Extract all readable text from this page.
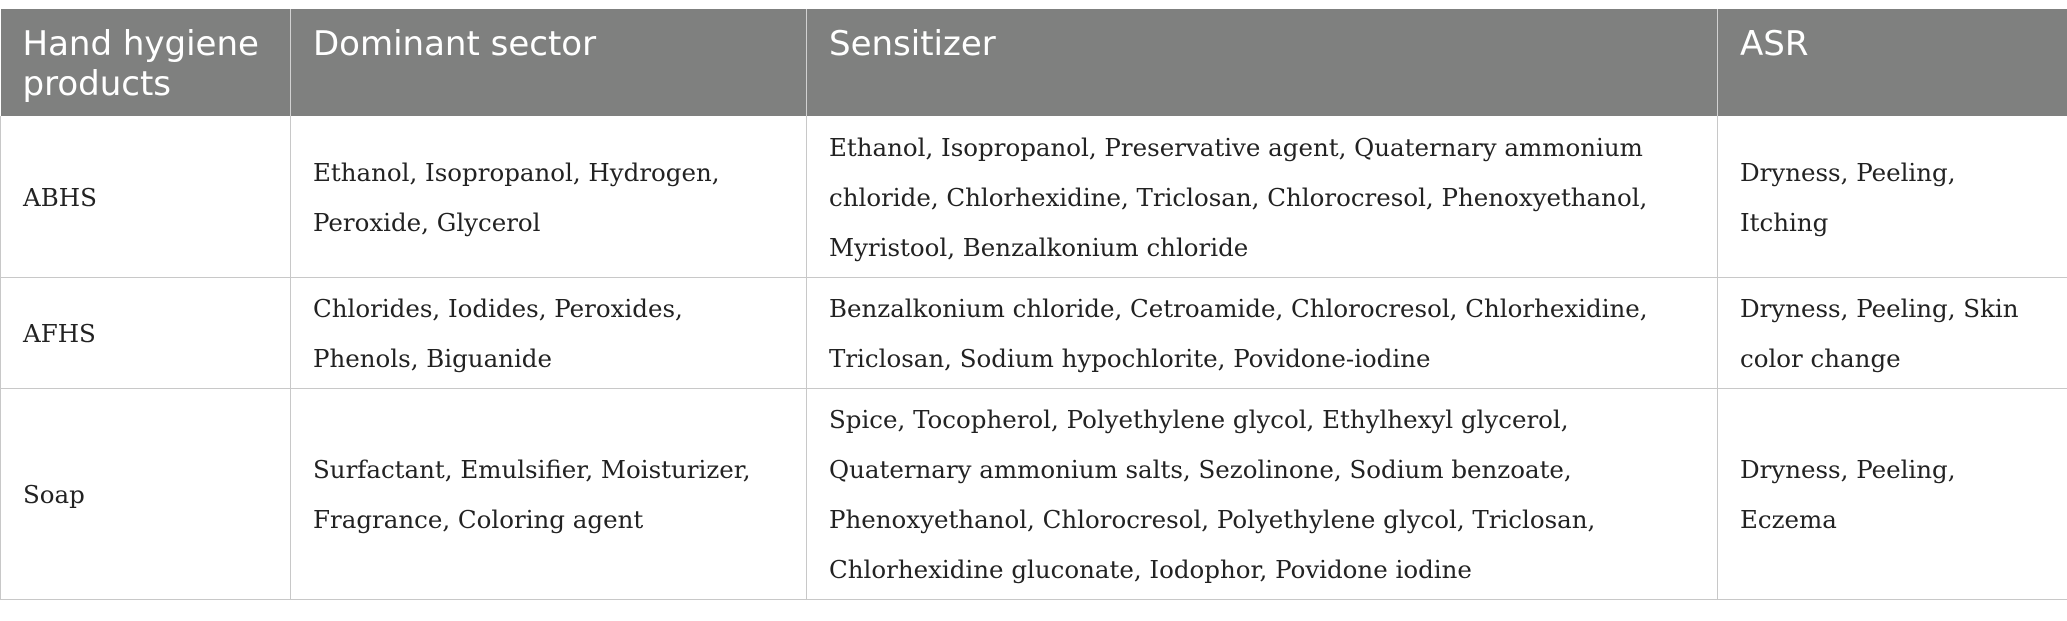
Hand hygiene products	Dominant sector	Sensitizer	ASR
ABHS	Ethanol, Isopropanol, Hydrogen, Peroxide, Glycerol	Ethanol, Isopropanol, Preservative agent, Quaternary ammonium chloride, Chlorhexidine, Triclosan, Chlorocresol, Phenoxyethanol, Myristool, Benzalkonium chloride	Dryness, Peeling, Itching
AFHS	Chlorides, Iodides, Peroxides, Phenols, Biguanide	Benzalkonium chloride, Cetroamide, Chlorocresol, Chlorhexidine, Triclosan, Sodium hypochlorite, Povidone-iodine	Dryness, Peeling, Skin color change
Soap	Surfactant, Emulsifier, Moisturizer, Fragrance, Coloring agent	Spice, Tocopherol, Polyethylene glycol, Ethylhexyl glycerol, Quaternary ammonium salts, Sezolinone, Sodium benzoate, Phenoxyethanol, Chlorocresol, Polyethylene glycol, Triclosan, Chlorhexidine gluconate, Iodophor, Povidone iodine	Dryness, Peeling, Eczema
